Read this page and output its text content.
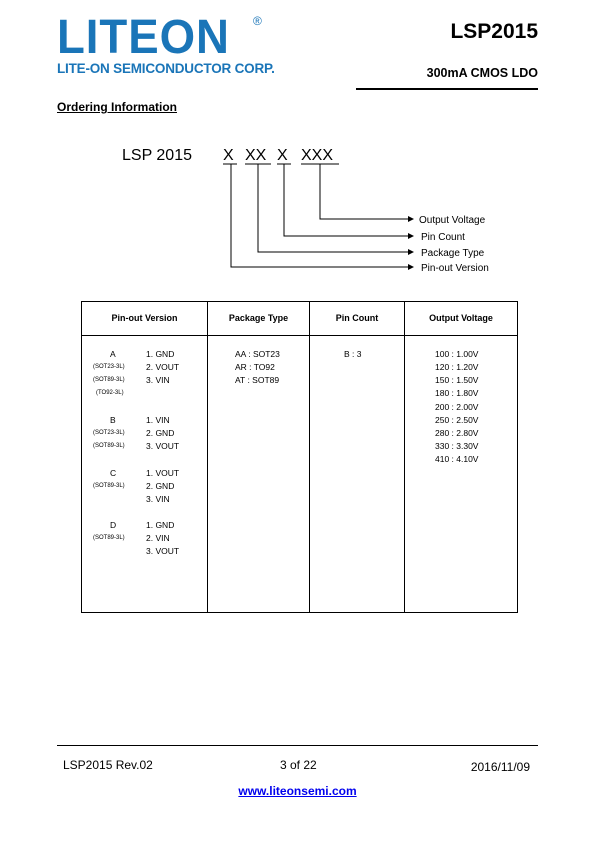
LITEON ®
LITE-ON SEMICONDUCTOR CORP.
LSP2015
300mA CMOS LDO
Ordering Information
LSP 2015 X XX X XXX
Output Voltage
Pin Count
Package Type
Pin-out Version
Pin-out Version
A
(SOT23-3L)
(SOT89-3L)
(TO92-3L)
1. GND
2. VOUT
3. VIN
B
(SOT23-3L)
(SOT89-3L)
1. VIN
2. GND
3. VOUT
C
(SOT89-3L)
1. VOUT
2. GND
3. VIN
D
(SOT89-3L)
1. GND
2. VIN
3. VOUT
Package Type
AA : SOT23
AR : TO92
AT : SOT89
Pin Count
B : 3
Output Voltage
100 : 1.00V
120 : 1.20V
150 : 1.50V
180 : 1.80V
200 : 2.00V
250 : 2.50V
280 : 2.80V
330 : 3.30V
410 : 4.10V
LSP2015 Rev.02	3 of 22	2016/11/09
www.liteonsemi.com
